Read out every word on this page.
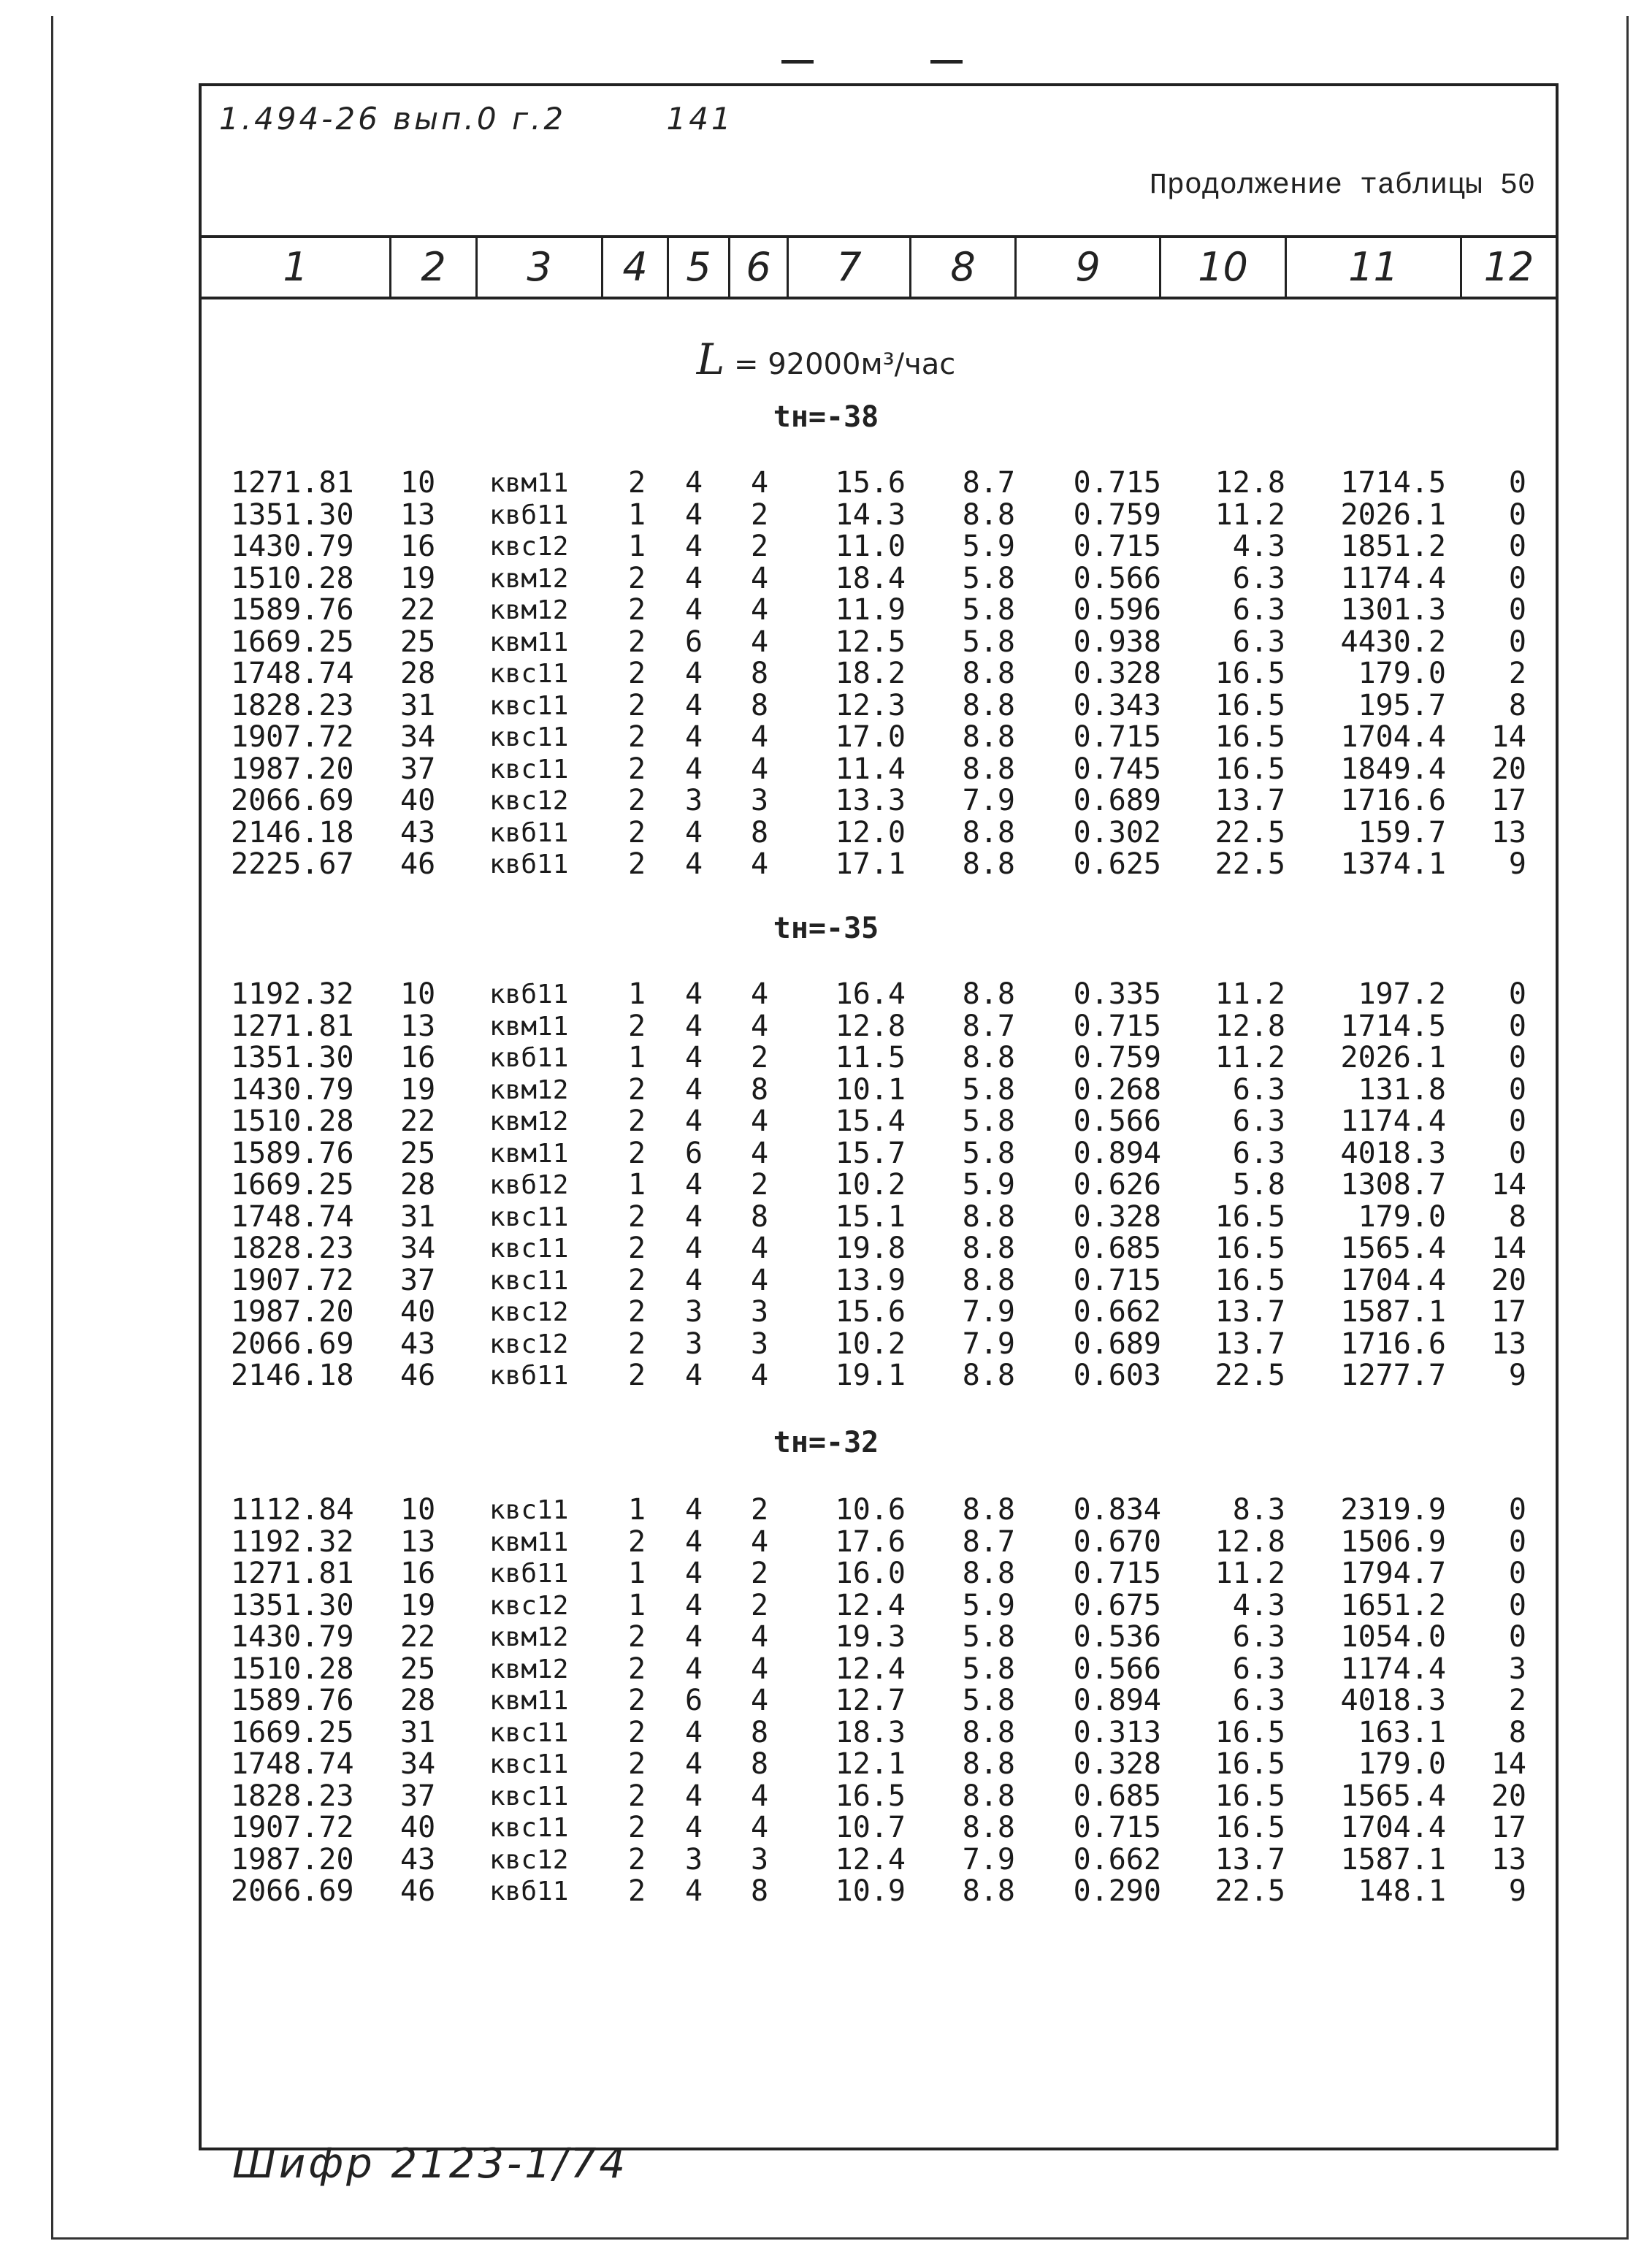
1.494-26 вып.0 г.2	141
Продолжение таблицы 50
1	2	3	4 5 6	7	8	9	10	11	12
L = 92000м³/час
tн=-38
1271.81	10	квм11	2 4 4	15.6	8.7	0.715	12.8	1714.5	0
1351.30	13	квб11	1 4 2	14.3	8.8	0.759	11.2	2026.1	0
1430.79	16	квс12	1 4 2	11.0	5.9	0.715	4.3	1851.2	0
1510.28	19	квм12	2 4 4	18.4	5.8	0.566	6.3	1174.4	0
1589.76	22	квм12	2 4 4	11.9	5.8	0.596	6.3	1301.3	0
1669.25	25	квм11	2 6 4	12.5	5.8	0.938	6.3	4430.2	0
1748.74	28	квс11	2 4 8	18.2	8.8	0.328	16.5	179.0	2
1828.23	31	квс11	2 4 8	12.3	8.8	0.343	16.5	195.7	8
1907.72	34	квс11	2 4 4	17.0	8.8	0.715	16.5	1704.4	14
1987.20	37	квс11	2 4 4	11.4	8.8	0.745	16.5	1849.4	20
2066.69	40	квс12	2 3 3	13.3	7.9	0.689	13.7	1716.6	17
2146.18	43	квб11	2 4 8	12.0	8.8	0.302	22.5	159.7	13
2225.67	46	квб11	2 4 4	17.1	8.8	0.625	22.5	1374.1	9
tн=-35
1192.32	10	квб11	1 4 4	16.4	8.8	0.335	11.2	197.2	0
1271.81	13	квм11	2 4 4	12.8	8.7	0.715	12.8	1714.5	0
1351.30	16	квб11	1 4 2	11.5	8.8	0.759	11.2	2026.1	0
1430.79	19	квм12	2 4 8	10.1	5.8	0.268	6.3	131.8	0
1510.28	22	квм12	2 4 4	15.4	5.8	0.566	6.3	1174.4	0
1589.76	25	квм11	2 6 4	15.7	5.8	0.894	6.3	4018.3	0
1669.25	28	квб12	1 4 2	10.2	5.9	0.626	5.8	1308.7	14
1748.74	31	квс11	2 4 8	15.1	8.8	0.328	16.5	179.0	8
1828.23	34	квс11	2 4 4	19.8	8.8	0.685	16.5	1565.4	14
1907.72	37	квс11	2 4 4	13.9	8.8	0.715	16.5	1704.4	20
1987.20	40	квс12	2 3 3	15.6	7.9	0.662	13.7	1587.1	17
2066.69	43	квс12	2 3 3	10.2	7.9	0.689	13.7	1716.6	13
2146.18	46	квб11	2 4 4	19.1	8.8	0.603	22.5	1277.7	9
tн=-32
1112.84	10	квс11	1 4 2	10.6	8.8	0.834	8.3	2319.9	0
1192.32	13	квм11	2 4 4	17.6	8.7	0.670	12.8	1506.9	0
1271.81	16	квб11	1 4 2	16.0	8.8	0.715	11.2	1794.7	0
1351.30	19	квс12	1 4 2	12.4	5.9	0.675	4.3	1651.2	0
1430.79	22	квм12	2 4 4	19.3	5.8	0.536	6.3	1054.0	0
1510.28	25	квм12	2 4 4	12.4	5.8	0.566	6.3	1174.4	3
1589.76	28	квм11	2 6 4	12.7	5.8	0.894	6.3	4018.3	2
1669.25	31	квс11	2 4 8	18.3	8.8	0.313	16.5	163.1	8
1748.74	34	квс11	2 4 8	12.1	8.8	0.328	16.5	179.0	14
1828.23	37	квс11	2 4 4	16.5	8.8	0.685	16.5	1565.4	20
1907.72	40	квс11	2 4 4	10.7	8.8	0.715	16.5	1704.4	17
1987.20	43	квс12	2 3 3	12.4	7.9	0.662	13.7	1587.1	13
2066.69	46	квб11	2 4 8	10.9	8.8	0.290	22.5	148.1	9
Шифр 2123-1/74
